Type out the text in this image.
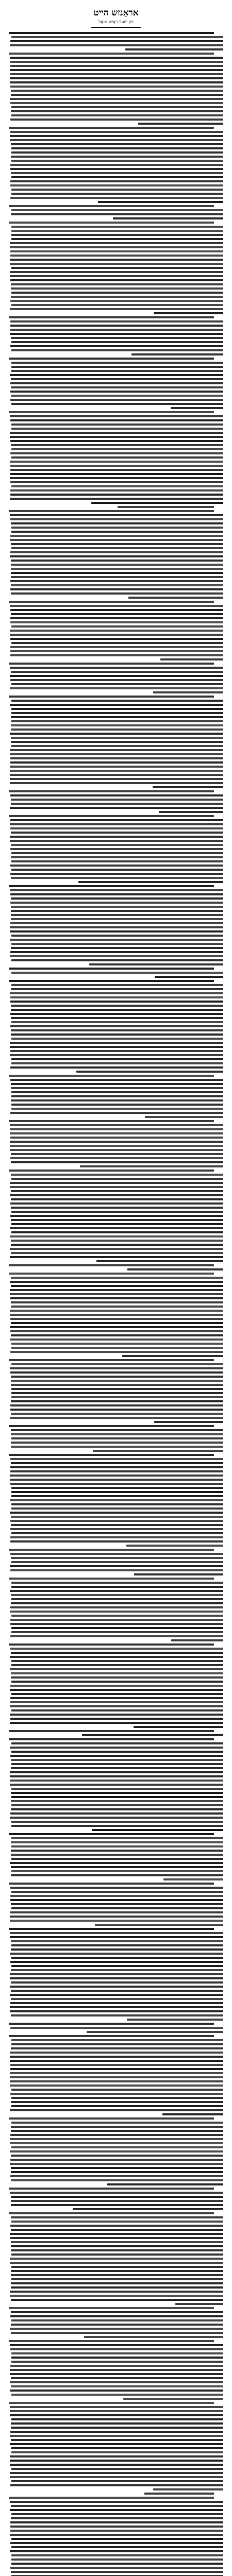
אראַנזש הייט
פון יוזעפֿ ראָשענטאַל
